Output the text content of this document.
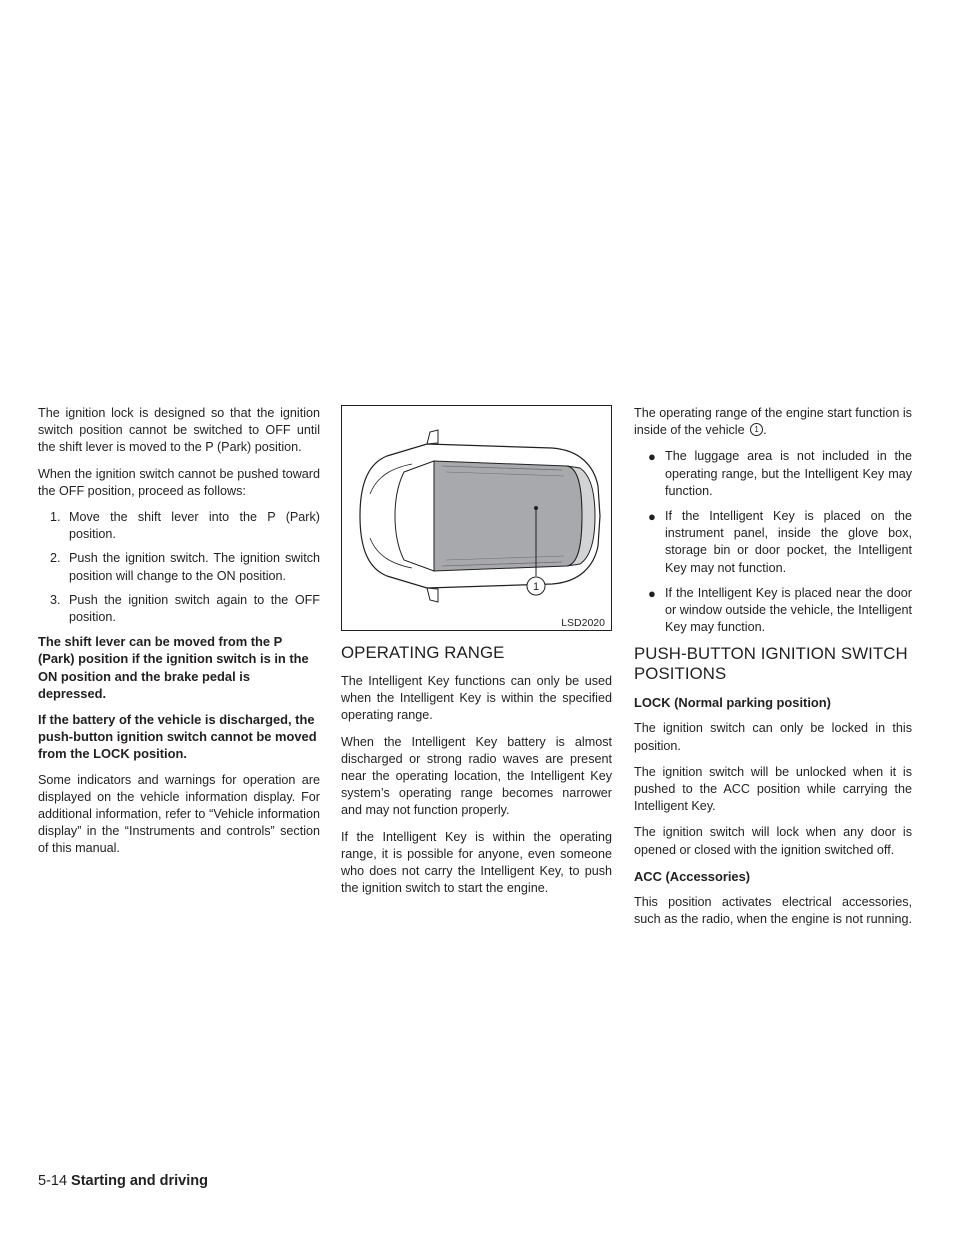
The ignition lock is designed so that the ignition switch position cannot be switched to OFF until the shift lever is moved to the P (Park) position.

When the ignition switch cannot be pushed toward the OFF position, proceed as follows:

1. Move the shift lever into the P (Park) position.
2. Push the ignition switch. The ignition switch position will change to the ON position.
3. Push the ignition switch again to the OFF position.

The shift lever can be moved from the P (Park) position if the ignition switch is in the ON position and the brake pedal is depressed.

If the battery of the vehicle is discharged, the push-button ignition switch cannot be moved from the LOCK position.

Some indicators and warnings for operation are displayed on the vehicle information display. For additional information, refer to “Vehicle information display” in the “Instruments and controls” section of this manual.

1
LSD2020
OPERATING RANGE

The Intelligent Key functions can only be used when the Intelligent Key is within the specified operating range.

When the Intelligent Key battery is almost discharged or strong radio waves are present near the operating location, the Intelligent Key system’s operating range becomes narrower and may not function properly.

If the Intelligent Key is within the operating range, it is possible for anyone, even someone who does not carry the Intelligent Key, to push the ignition switch to start the engine.

The operating range of the engine start function is inside of the vehicle 1 .

● The luggage area is not included in the operating range, but the Intelligent Key may function.
● If the Intelligent Key is placed on the instrument panel, inside the glove box, storage bin or door pocket, the Intelligent Key may not function.
● If the Intelligent Key is placed near the door or window outside the vehicle, the Intelligent Key may function.
PUSH-BUTTON IGNITION SWITCH POSITIONS
LOCK (Normal parking position)

The ignition switch can only be locked in this position.

The ignition switch will be unlocked when it is pushed to the ACC position while carrying the Intelligent Key.

The ignition switch will lock when any door is opened or closed with the ignition switched off.

ACC (Accessories)

This position activates electrical accessories, such as the radio, when the engine is not running.

5-14 Starting and driving
